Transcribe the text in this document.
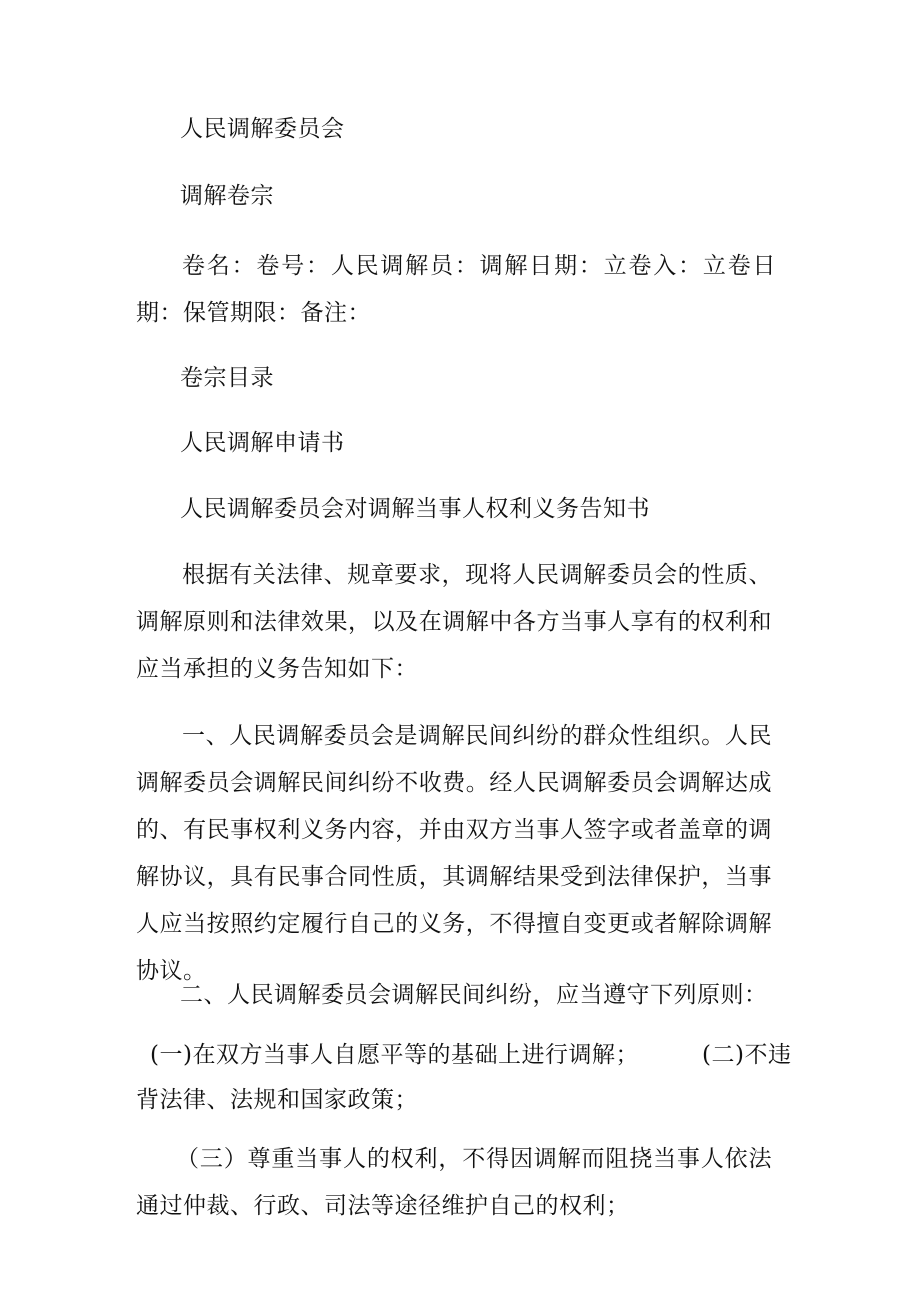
人民调解委员会

调解卷宗

卷名：卷号：人民调解员：调解日期：立卷入：立卷日期：保管期限：备注：

卷宗目录

人民调解申请书

人民调解委员会对调解当事人权利义务告知书

根据有关法律、规章要求，现将人民调解委员会的性质、调解原则和法律效果，以及在调解中各方当事人享有的权利和应当承担的义务告知如下：

一、人民调解委员会是调解民间纠纷的群众性组织。人民调解委员会调解民间纠纷不收费。经人民调解委员会调解达成的、有民事权利义务内容，并由双方当事人签字或者盖章的调解协议，具有民事合同性质，其调解结果受到法律保护，当事人应当按照约定履行自己的义务，不得擅自变更或者解除调解协议。

二、人民调解委员会调解民间纠纷，应当遵守下列原则：

(一)在双方当事人自愿平等的基础上进行调解；	(二)不违

背法律、法规和国家政策；

（三）尊重当事人的权利，不得因调解而阻挠当事人依法通过仲裁、行政、司法等途径维护自己的权利；
